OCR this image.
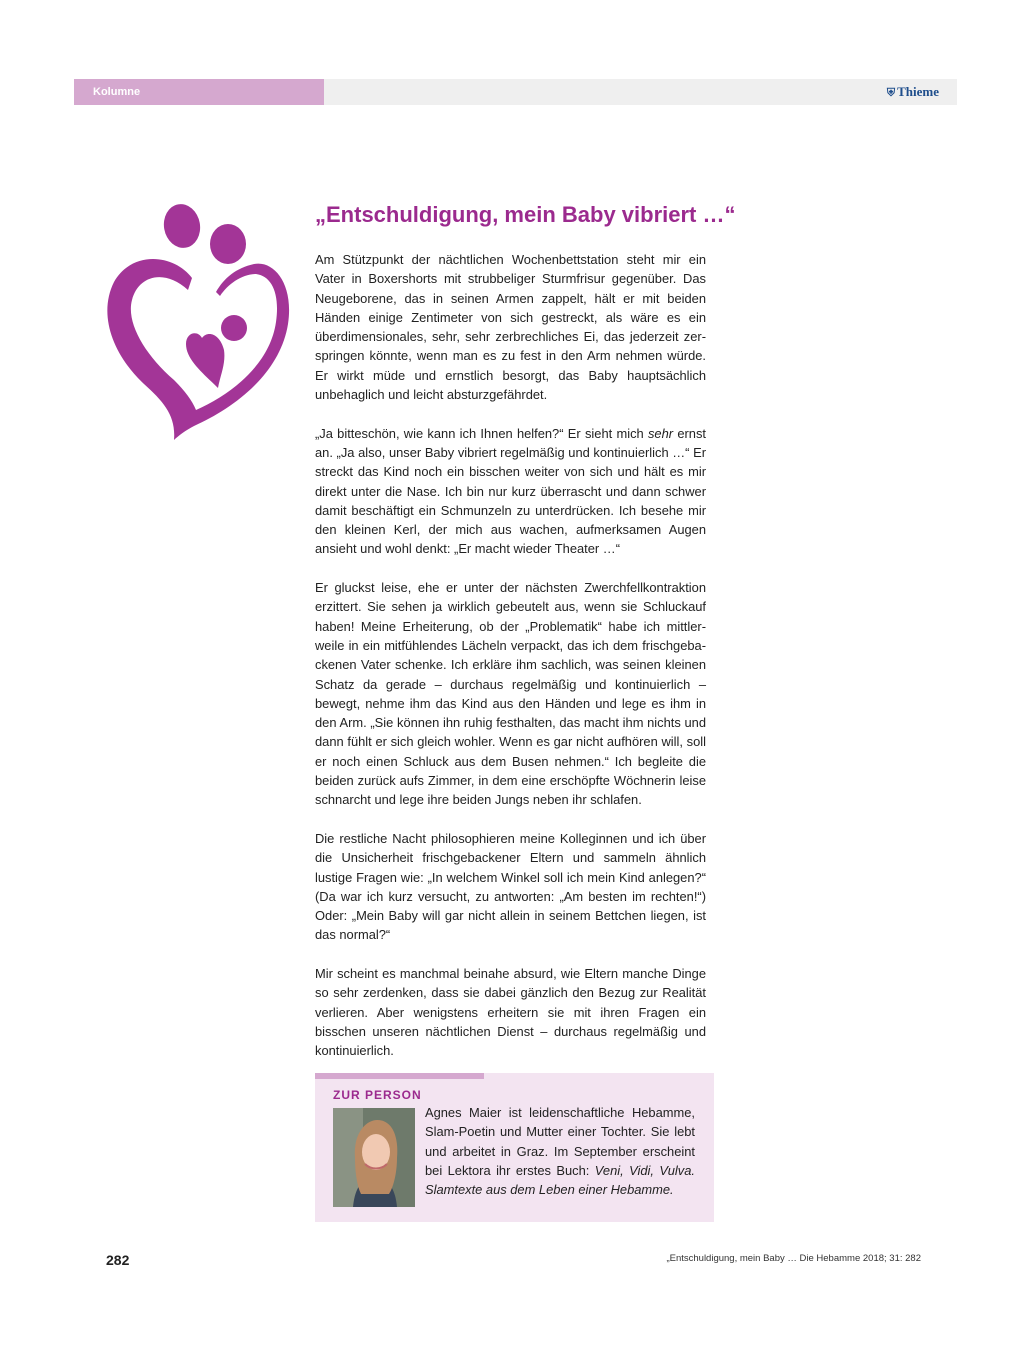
Kolumne	⛨ Thieme
„Entschuldigung, mein Baby vibriert …“

Am Stützpunkt der nächtlichen Wochenbettstation steht mir ein Vater in Boxershorts mit strubbeliger Sturmfrisur gegenüber. Das Neugeborene, das in seinen Armen zappelt, hält er mit beiden Händen einige Zentimeter von sich gestreckt, als wäre es ein überdimensionales, sehr, sehr zerbrechliches Ei, das jederzeit zerspringen könnte, wenn man es zu fest in den Arm nehmen würde. Er wirkt müde und ernstlich besorgt, das Baby hauptsächlich unbehaglich und leicht absturzgefährdet.

„Ja bitteschön, wie kann ich Ihnen helfen?“ Er sieht mich sehr ernst an. „Ja also, unser Baby vibriert regelmäßig und kontinuierlich …“ Er streckt das Kind noch ein bisschen weiter von sich und hält es mir direkt unter die Nase. Ich bin nur kurz überrascht und dann schwer damit beschäftigt ein Schmunzeln zu unterdrücken. Ich besehe mir den kleinen Kerl, der mich aus wachen, aufmerksamen Augen ansieht und wohl denkt: „Er macht wieder Theater …“

Er gluckst leise, ehe er unter der nächsten Zwerchfellkontraktion erzittert. Sie sehen ja wirklich gebeutelt aus, wenn sie Schluckauf haben! Meine Erheiterung, ob der „Problematik“ habe ich mittlerweile in ein mitfühlendes Lächeln verpackt, das ich dem frischgebackenen Vater schenke. Ich erkläre ihm sachlich, was seinen kleinen Schatz da gerade – durchaus regelmäßig und kontinuierlich – bewegt, nehme ihm das Kind aus den Händen und lege es ihm in den Arm. „Sie können ihn ruhig festhalten, das macht ihm nichts und dann fühlt er sich gleich wohler. Wenn es gar nicht aufhören will, soll er noch einen Schluck aus dem Busen nehmen.“ Ich begleite die beiden zurück aufs Zimmer, in dem eine erschöpfte Wöchnerin leise schnarcht und lege ihre beiden Jungs neben ihr schlafen.

Die restliche Nacht philosophieren meine Kolleginnen und ich über die Unsicherheit frischgebackener Eltern und sammeln ähnlich lustige Fragen wie: „In welchem Winkel soll ich mein Kind anlegen?“ (Da war ich kurz versucht, zu antworten: „Am besten im rechten!“) Oder: „Mein Baby will gar nicht allein in seinem Bettchen liegen, ist das normal?“

Mir scheint es manchmal beinahe absurd, wie Eltern manche Dinge so sehr zerdenken, dass sie dabei gänzlich den Bezug zur Realität verlieren. Aber wenigstens erheitern sie mit ihren Fragen ein bisschen unseren nächtlichen Dienst – durchaus regelmäßig und kontinuierlich.

ZUR PERSON
Agnes Maier ist leidenschaftliche Hebamme, Slam-Poetin und Mutter einer Tochter. Sie lebt und arbeitet in Graz. Im September erscheint bei Lektora ihr erstes Buch: Veni, Vidi, Vulva. Slamtexte aus dem Leben einer Hebamme.
282	„Entschuldigung, mein Baby … Die Hebamme 2018; 31: 282
